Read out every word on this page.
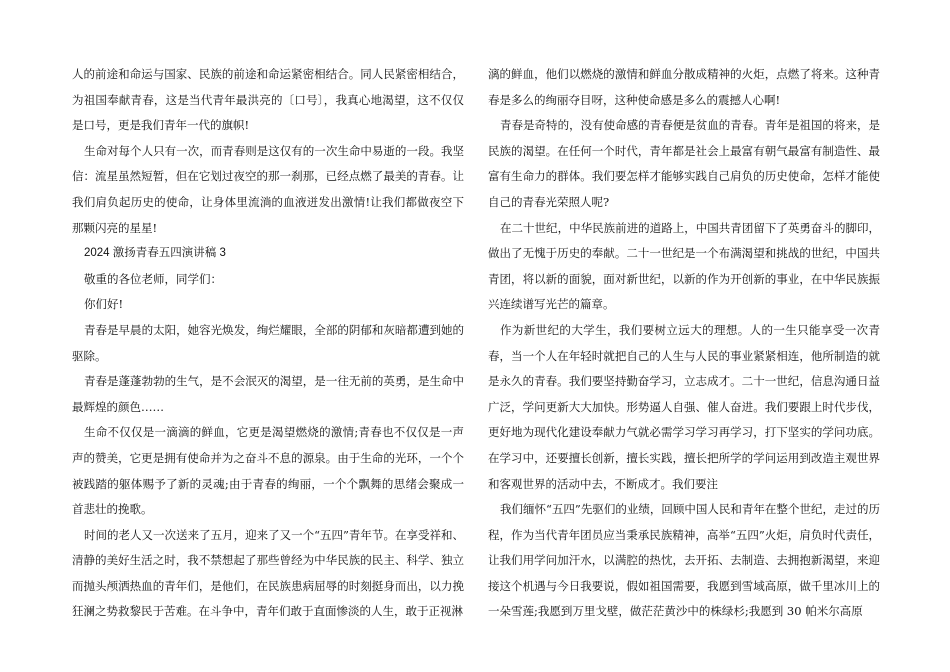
人的前途和命运与国家、民族的前途和命运紧密相结合。同人民紧密相结合，为祖国奉献青春，这是当代青年最洪亮的〔口号〕，我真心地渴望，这不仅仅是口号，更是我们青年一代的旗帜!

生命对每个人只有一次，而青春则是这仅有的一次生命中易逝的一段。我坚信：流星虽然短暂，但在它划过夜空的那一刹那，已经点燃了最美的青春。让我们肩负起历史的使命，让身体里流淌的血液迸发出激情!让我们都做夜空下那颗闪亮的星星!

2024 激扬青春五四演讲稿 3

敬重的各位老师，同学们：

你们好!

青春是早晨的太阳，她容光焕发，绚烂耀眼，全部的阴郁和灰暗都遭到她的驱除。

青春是蓬蓬勃勃的生气，是不会泯灭的渴望，是一往无前的英勇，是生命中最辉煌的颜色……

生命不仅仅是一滴滴的鲜血，它更是渴望燃烧的激情;青春也不仅仅是一声声的赞美，它更是拥有使命并为之奋斗不息的源泉。由于生命的光环，一个个被践踏的躯体赐予了新的灵魂;由于青春的绚丽，一个个飘舞的思绪会聚成一首悲壮的挽歌。

时间的老人又一次送来了五月，迎来了又一个“五四”青年节。在享受祥和、清静的美好生活之时，我不禁想起了那些曾经为中华民族的民主、科学、独立而抛头颅洒热血的青年们，是他们，在民族患病屈辱的时刻挺身而出，以力挽狂澜之势救黎民于苦难。在斗争中，青年们敢于直面惨淡的人生，敢于正视淋

漓的鲜血，他们以燃烧的激情和鲜血分散成精神的火炬，点燃了将来。这种青春是多么的绚丽夺目呀，这种使命感是多么的震撼人心啊!

青春是奇特的，没有使命感的青春便是贫血的青春。青年是祖国的将来，是民族的渴望。在任何一个时代，青年都是社会上最富有朝气最富有制造性、最富有生命力的群体。我们要怎样才能够实践自己肩负的历史使命，怎样才能使自己的青春光荣照人呢?

在二十世纪，中华民族前进的道路上，中国共青团留下了英勇奋斗的脚印，做出了无愧于历史的奉献。二十一世纪是一个布满渴望和挑战的世纪，中国共青团，将以新的面貌，面对新世纪，以新的作为开创新的事业，在中华民族振兴连续谱写光芒的篇章。

作为新世纪的大学生，我们要树立远大的理想。人的一生只能享受一次青春，当一个人在年轻时就把自己的人生与人民的事业紧紧相连，他所制造的就是永久的青春。我们要坚持勤奋学习，立志成才。二十一世纪，信息沟通日益广泛，学问更新大大加快。形势逼人自强、催人奋进。我们要跟上时代步伐，更好地为现代化建设奉献力气就必需学习学习再学习，打下坚实的学问功底。在学习中，还要擅长创新，擅长实践，擅长把所学的学问运用到改造主观世界和客观世界的活动中去，不断成才。我们要注

我们缅怀“五四”先驱们的业绩，回顾中国人民和青年在整个世纪，走过的历程，作为当代青年团员应当秉承民族精神，高举“五四”火炬，肩负时代责任，让我们用学问加汗水，以满腔的热忱，去开拓、去制造、去拥抱新渴望，来迎接这个机遇与今日我要说，假如祖国需要，我愿到雪域高原，做千里冰川上的一朵雪莲;我愿到万里戈壁，做茫茫黄沙中的株绿杉;我愿到 30 帕米尔高原
